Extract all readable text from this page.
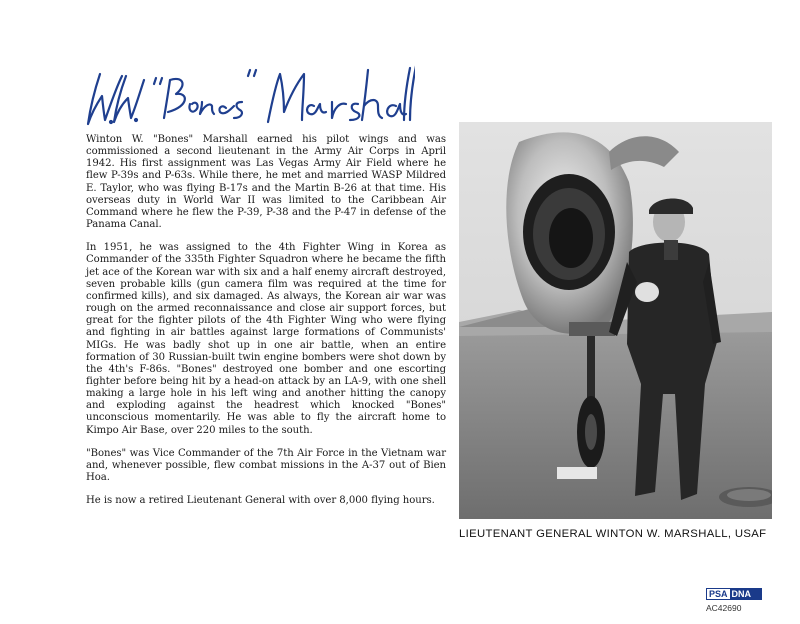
Winton W. "Bones" Marshall earned his pilot wings and was commissioned a second lieutenant in the Army Air Corps in April 1942. His first assignment was Las Vegas Army Air Field where he flew P-39s and P-63s. While there, he met and married WASP Mildred E. Taylor, who was flying B-17s and the Martin B-26 at that time. His overseas duty in World War II was limited to the Caribbean Air Command where he flew the P-39, P-38 and the P-47 in defense of the Panama Canal.

In 1951, he was assigned to the 4th Fighter Wing in Korea as Commander of the 335th Fighter Squadron where he became the fifth jet ace of the Korean war with six and a half enemy aircraft destroyed, seven probable kills (gun camera film was required at the time for confirmed kills), and six damaged. As always, the Korean air war was rough on the armed reconnaissance and close air support forces, but great for the fighter pilots of the 4th Fighter Wing who were flying and fighting in air battles against large formations of Communists' MIGs. He was badly shot up in one air battle, when an entire formation of 30 Russian-built twin engine bombers were shot down by the 4th's F-86s. "Bones" destroyed one bomber and one escorting fighter before being hit by a head-on attack by an LA-9, with one shell making a large hole in his left wing and another hitting the canopy and exploding against the headrest which knocked "Bones" unconscious momentarily. He was able to fly the aircraft home to Kimpo Air Base, over 220 miles to the south.

"Bones" was Vice Commander of the 7th Air Force in the Vietnam war and, whenever possible, flew combat missions in the A-37 out of Bien Hoa.

He is now a retired Lieutenant General with over 8,000 flying hours.

LIEUTENANT GENERAL WINTON W. MARSHALL, USAF
PSA DNA
AC42690
